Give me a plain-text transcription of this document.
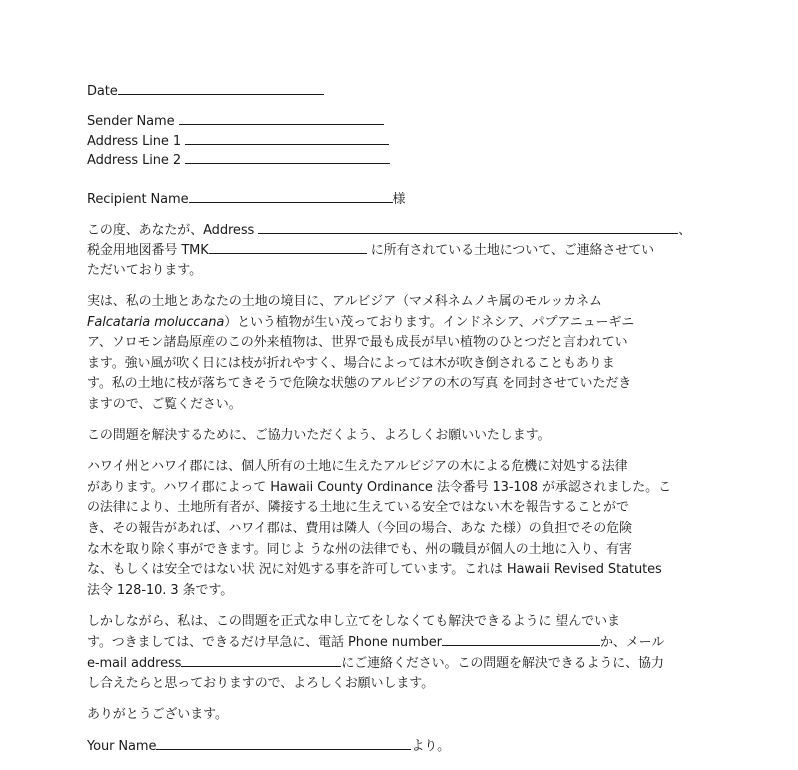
Date
Sender Name
Address Line 1
Address Line 2
Recipient Name	様
この度、あなたが、Address	、
税金用地図番号 TMK	に所有されている土地について、ご連絡させてい
ただいております。
実は、私の土地とあなたの土地の境目に、アルビジア（マメ科ネムノキ属のモルッカネム
Falcataria moluccana）という植物が生い茂っております。インドネシア、パプアニューギニ
ア、ソロモン諸島原産のこの外来植物は、世界で最も成長が早い植物のひとつだと言われてい
ます。強い風が吹く日には枝が折れやすく、場合によっては木が吹き倒されることもありま
す。私の土地に枝が落ちてきそうで危険な状態のアルビジアの木の写真 を同封させていただき
ますので、ご覧ください。
この問題を解決するために、ご協力いただくよう、よろしくお願いいたします。
ハワイ州とハワイ郡には、個人所有の土地に生えたアルビジアの木による危機に対処する法律
があります。ハワイ郡によって Hawaii County Ordinance 法令番号 13-108 が承認されました。こ
の法律により、土地所有者が、隣接する土地に生えている安全ではない木を報告することがで
き、その報告があれば、ハワイ郡は、費用は隣人（今回の場合、あな た様）の負担でその危険
な木を取り除く事ができます。同じよ うな州の法律でも、州の職員が個人の土地に入り、有害
な、もしくは安全ではない状 況に対処する事を許可しています。これは Hawaii Revised Statutes
法令 128-10. 3 条です。
しかしながら、私は、この問題を正式な申し立てをしなくても解決できるように 望んでいま
す。つきましては、できるだけ早急に、電話 Phone number	か、メール
e-mail address	にご連絡ください。この問題を解決できるように、協力
し合えたらと思っておりますので、よろしくお願いします。
ありがとうございます。
Your Name	より。
